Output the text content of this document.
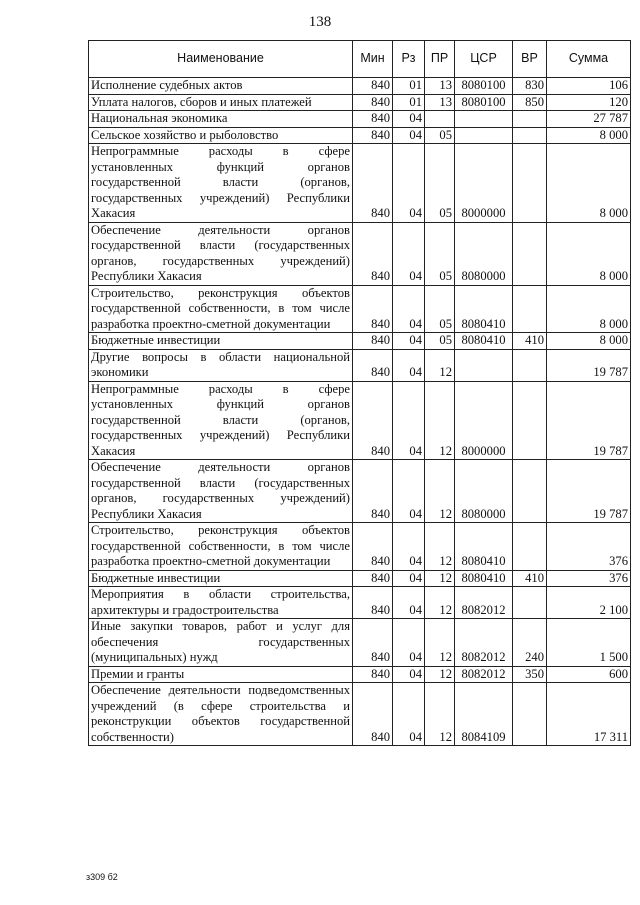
138
Наименование	Мин	Рз	ПР	ЦСР	ВР	Сумма
Исполнение судебных актов	840	01	13	8080100	830	106
Уплата налогов, сборов и иных платежей	840	01	13	8080100	850	120
Национальная экономика	840	04				27 787
Сельское хозяйство и рыболовство	840	04	05			8 000
Непрограммные расходы в сфере установленных функций органов государственной власти (органов, государственных учреждений) Республики Хакасия	840	04	05	8000000		8 000
Обеспечение деятельности органов государственной власти (государственных органов, государственных учреждений) Республики Хакасия	840	04	05	8080000		8 000
Строительство, реконструкция объектов государственной собственности, в том числе разработка проектно-сметной документации	840	04	05	8080410		8 000
Бюджетные инвестиции	840	04	05	8080410	410	8 000
Другие вопросы в области национальной экономики	840	04	12			19 787
Непрограммные расходы в сфере установленных функций органов государственной власти (органов, государственных учреждений) Республики Хакасия	840	04	12	8000000		19 787
Обеспечение деятельности органов государственной власти (государственных органов, государственных учреждений) Республики Хакасия	840	04	12	8080000		19 787
Строительство, реконструкция объектов государственной собственности, в том числе разработка проектно-сметной документации	840	04	12	8080410		376
Бюджетные инвестиции	840	04	12	8080410	410	376
Мероприятия в области строительства, архитектуры и градостроительства	840	04	12	8082012		2 100
Иные закупки товаров, работ и услуг для обеспечения государственных (муниципальных) нужд	840	04	12	8082012	240	1 500
Премии и гранты	840	04	12	8082012	350	600
Обеспечение деятельности подведомственных учреждений (в сфере строительства и реконструкции объектов государственной собственности)	840	04	12	8084109		17 311
з309 б2
